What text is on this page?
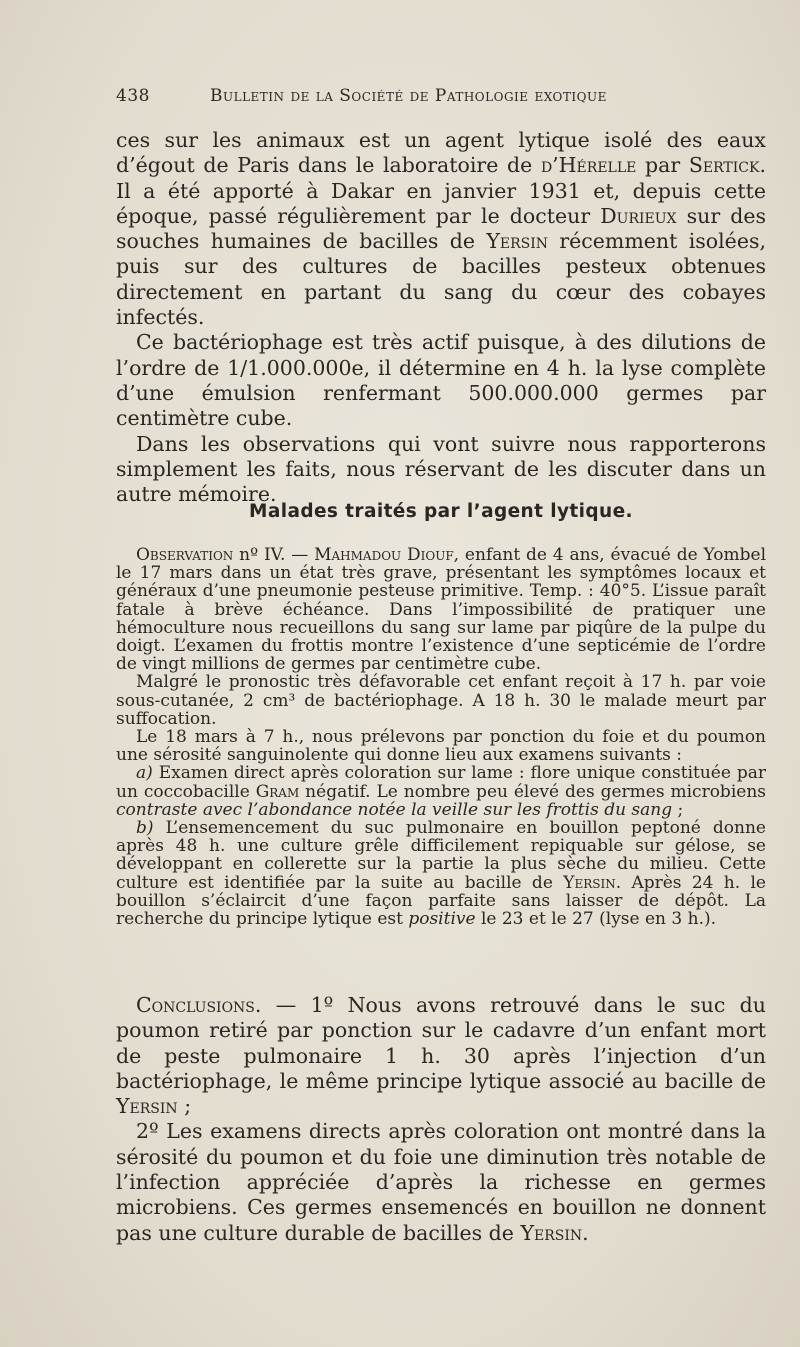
438	Bulletin de la Société de Pathologie exotique

ces sur les animaux est un agent lytique isolé des eaux d’égout de Paris dans le laboratoire de d’Hérelle par Sertick. Il a été apporté à Dakar en janvier 1931 et, depuis cette époque, passé régulièrement par le docteur Durieux sur des souches humaines de bacilles de Yersin récemment isolées, puis sur des cultures de bacilles pesteux obtenues directement en partant du sang du cœur des cobayes infectés.

Ce bactériophage est très actif puisque, à des dilutions de l’ordre de 1/1.000.000e, il détermine en 4 h. la lyse complète d’une émulsion renfermant 500.000.000 germes par centimètre cube.

Dans les observations qui vont suivre nous rapporterons simplement les faits, nous réservant de les discuter dans un autre mémoire.

Malades traités par l’agent lytique.

Observation nº IV. — Mahmadou Diouf, enfant de 4 ans, évacué de Yombel le 17 mars dans un état très grave, présentant les symptômes locaux et généraux d’une pneumonie pesteuse primitive. Temp. : 40°5. L’issue paraît fatale à brève échéance. Dans l’impossibilité de pratiquer une hémoculture nous recueillons du sang sur lame par piqûre de la pulpe du doigt. L’examen du frottis montre l’existence d’une septicémie de l’ordre de vingt millions de germes par centimètre cube.

Malgré le pronostic très défavorable cet enfant reçoit à 17 h. par voie sous-cutanée, 2 cm³ de bactériophage. A 18 h. 30 le malade meurt par suffocation.

Le 18 mars à 7 h., nous prélevons par ponction du foie et du poumon une sérosité sanguinolente qui donne lieu aux examens suivants :

a) Examen direct après coloration sur lame : flore unique constituée par un coccobacille Gram négatif. Le nombre peu élevé des germes microbiens contraste avec l’abondance notée la veille sur les frottis du sang ;

b) L’ensemencement du suc pulmonaire en bouillon peptoné donne après 48 h. une culture grêle difficilement repiquable sur gélose, se développant en collerette sur la partie la plus sèche du milieu. Cette culture est identifiée par la suite au bacille de Yersin. Après 24 h. le bouillon s’éclaircit d’une façon parfaite sans laisser de dépôt. La recherche du principe lytique est positive le 23 et le 27 (lyse en 3 h.).

Conclusions. — 1º Nous avons retrouvé dans le suc du poumon retiré par ponction sur le cadavre d’un enfant mort de peste pulmonaire 1 h. 30 après l’injection d’un bactériophage, le même principe lytique associé au bacille de Yersin ;

2º Les examens directs après coloration ont montré dans la sérosité du poumon et du foie une diminution très notable de l’infection appréciée d’après la richesse en germes microbiens. Ces germes ensemencés en bouillon ne donnent pas une culture durable de bacilles de Yersin.
